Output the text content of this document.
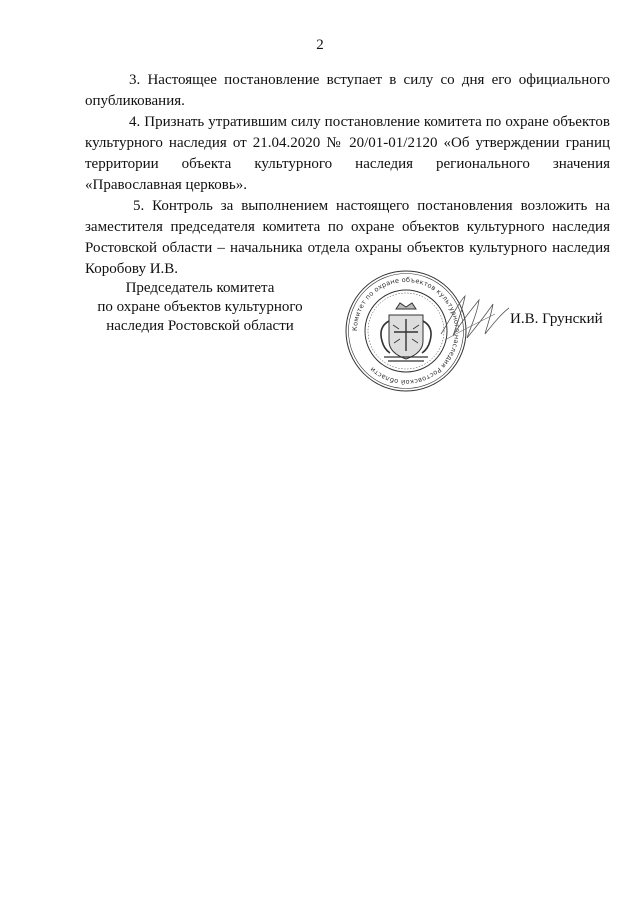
2

3. Настоящее постановление вступает в силу со дня его официального опубликования.

4. Признать утратившим силу постановление комитета по охране объектов культурного наследия от 21.04.2020 № 20/01-01/2120 «Об утверждении границ территории объекта культурного наследия регионального значения «Православная церковь».

5. Контроль за выполнением настоящего постановления возложить на заместителя председателя комитета по охране объектов культурного наследия Ростовской области – начальника отдела охраны объектов культурного наследия Коробову И.В.

Председатель комитета
по охране объектов культурного
наследия Ростовской области	Комитет по охране объектов культурного наследия Ростовской области
И.В. Грунский
